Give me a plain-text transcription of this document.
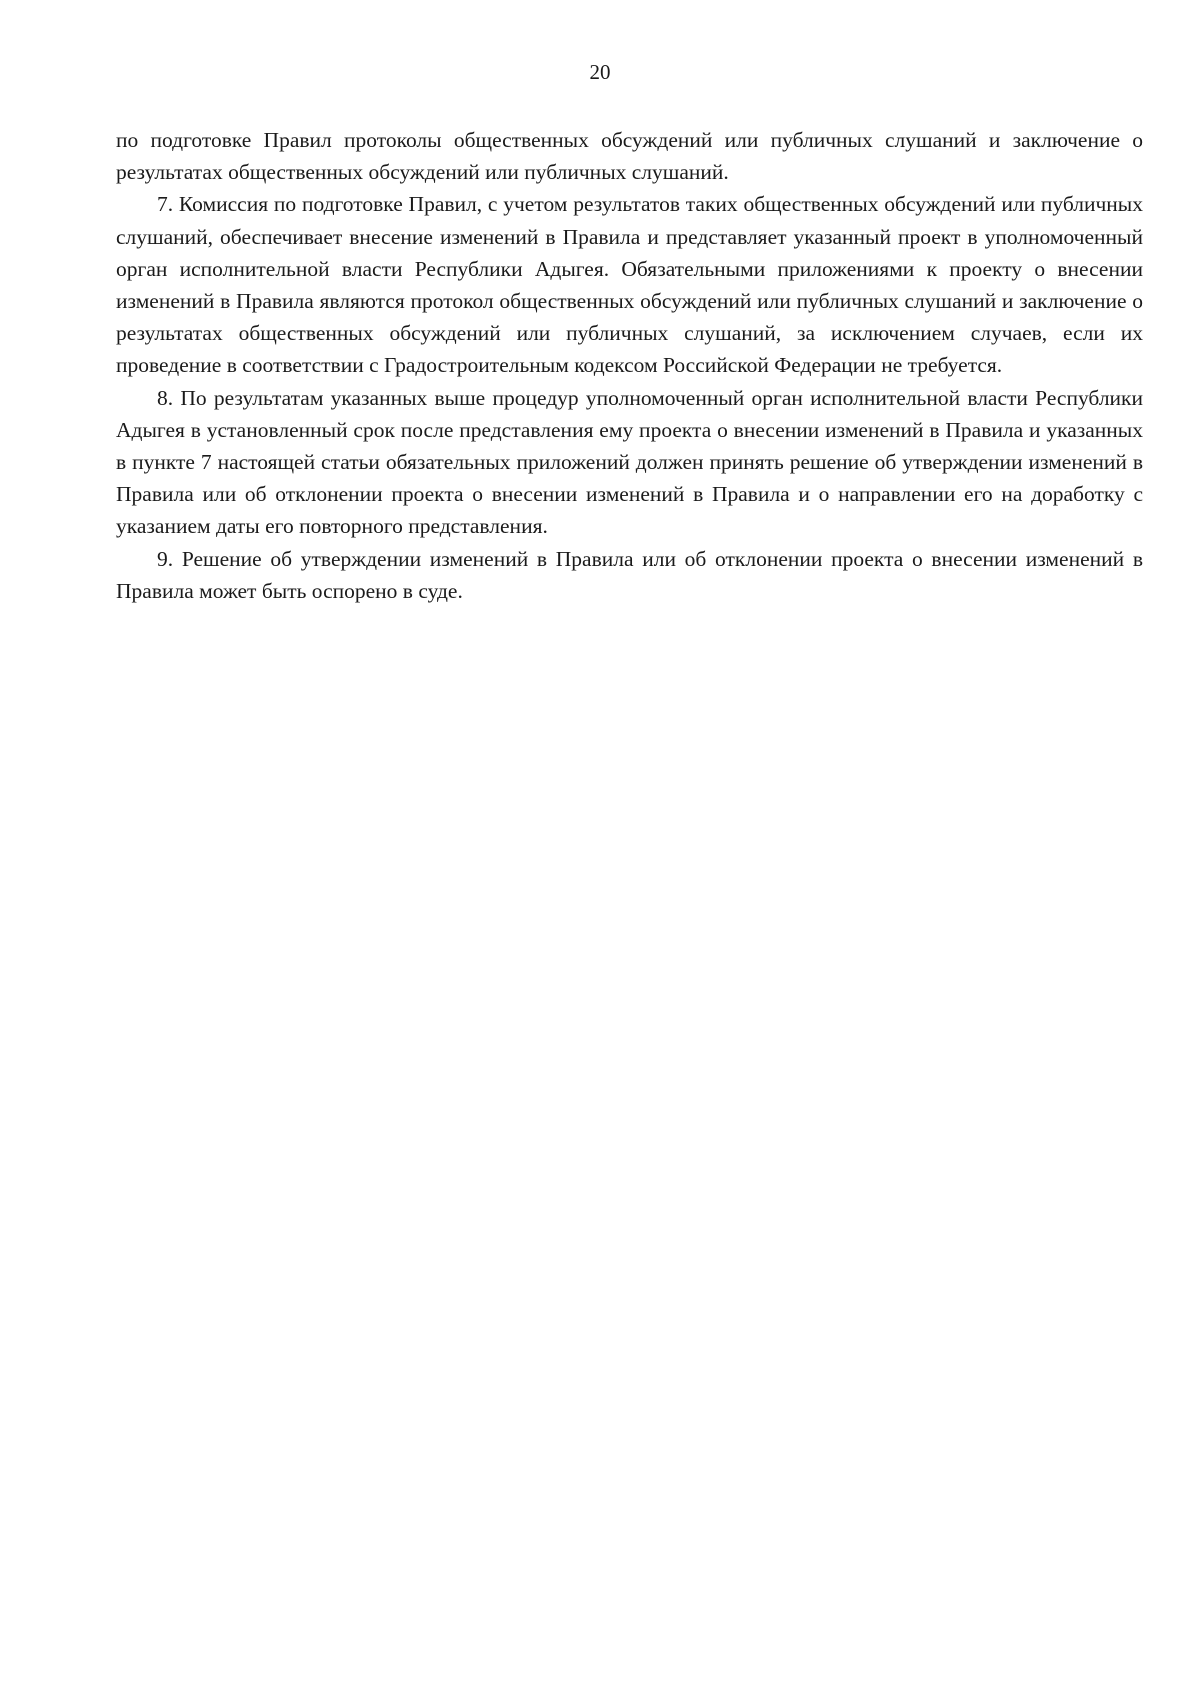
20

по подготовке Правил протоколы общественных обсуждений или публичных слушаний и заключение о результатах общественных обсуждений или публичных слушаний.

7. Комиссия по подготовке Правил, с учетом результатов таких общественных обсуждений или публичных слушаний, обеспечивает внесение изменений в Правила и представляет указанный проект в уполномоченный орган исполнительной власти Республики Адыгея. Обязательными приложениями к проекту о внесении изменений в Правила являются протокол общественных обсуждений или публичных слушаний и заключение о результатах общественных обсуждений или публичных слушаний, за исключением случаев, если их проведение в соответствии с Градостроительным кодексом Российской Федерации не требуется.

8. По результатам указанных выше процедур уполномоченный орган исполнительной власти Республики Адыгея в установленный срок после представления ему проекта о внесении изменений в Правила и указанных в пункте 7 настоящей статьи обязательных приложений должен принять решение об утверждении изменений в Правила или об отклонении проекта о внесении изменений в Правила и о направлении его на доработку с указанием даты его повторного представления.

9. Решение об утверждении изменений в Правила или об отклонении проекта о внесении изменений в Правила может быть оспорено в суде.
